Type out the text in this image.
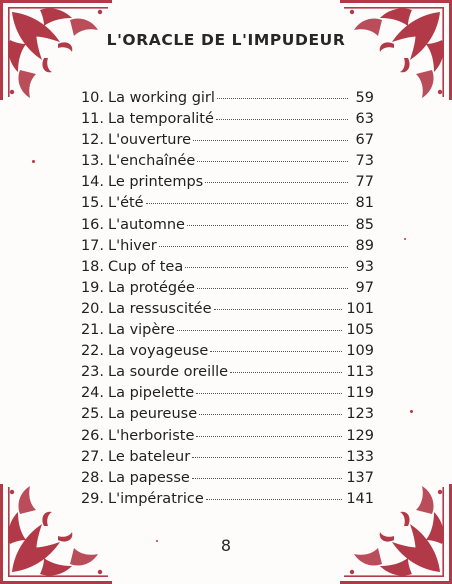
L'ORACLE DE L'IMPUDEUR
10. La working girl	59
11. La temporalité	63
12. L'ouverture	67
13. L'enchaînée	73
14. Le printemps	77
15. L'été	81
16. L'automne	85
17. L'hiver	89
18. Cup of tea	93
19. La protégée	97
20. La ressuscitée	101
21. La vipère	105
22. La voyageuse	109
23. La sourde oreille	113
24. La pipelette	119
25. La peureuse	123
26. L'herboriste	129
27. Le bateleur	133
28. La papesse	137
29. L'impératrice	141
8
